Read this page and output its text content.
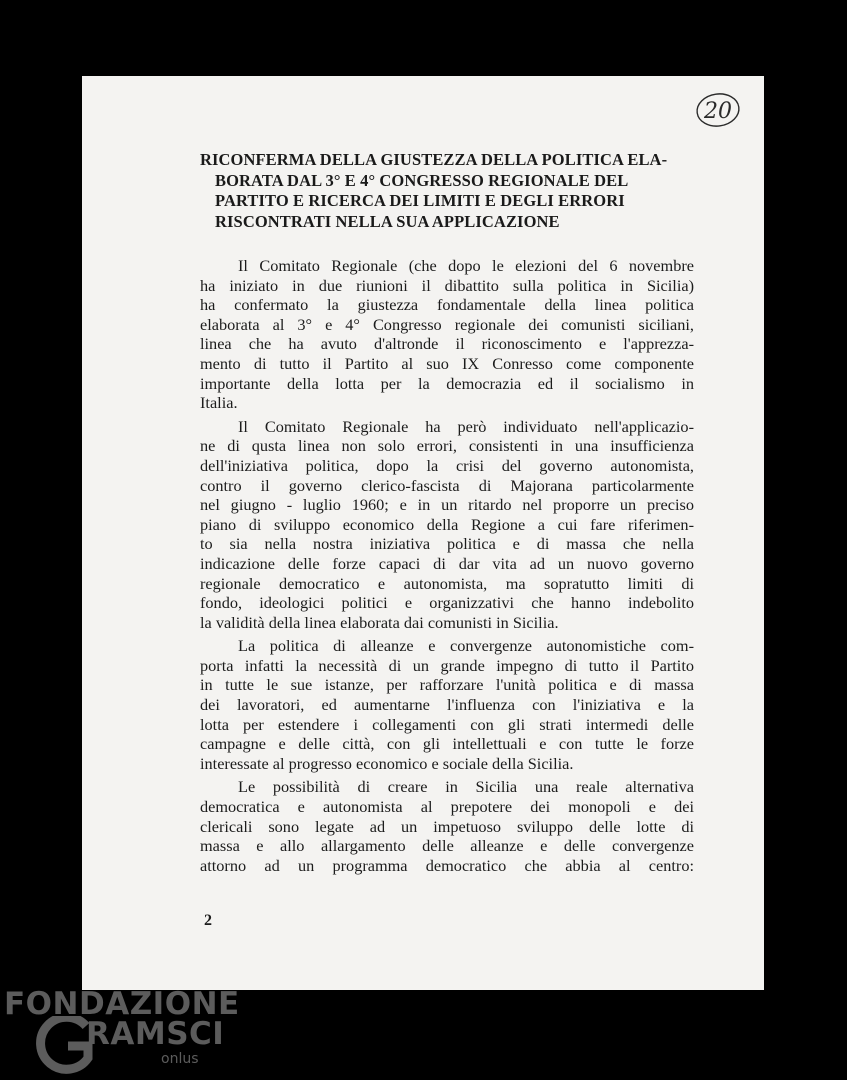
20
RICONFERMA DELLA GIUSTEZZA DELLA POLITICA ELA-
BORATA DAL 3° E 4° CONGRESSO REGIONALE DEL
PARTITO E RICERCA DEI LIMITI E DEGLI ERRORI
RISCONTRATI NELLA SUA APPLICAZIONE
Il Comitato Regionale (che dopo le elezioni del 6 novembre
ha iniziato in due riunioni il dibattito sulla politica in Sicilia)
ha confermato la giustezza fondamentale della linea politica
elaborata al 3° e 4° Congresso regionale dei comunisti siciliani,
linea che ha avuto d'altronde il riconoscimento e l'apprezza-
mento di tutto il Partito al suo IX Conresso come componente
importante della lotta per la democrazia ed il socialismo in
Italia.
Il Comitato Regionale ha però individuato nell'applicazio-
ne di qusta linea non solo errori, consistenti in una insufficienza
dell'iniziativa politica, dopo la crisi del governo autonomista,
contro il governo clerico-fascista di Majorana particolarmente
nel giugno - luglio 1960; e in un ritardo nel proporre un preciso
piano di sviluppo economico della Regione a cui fare riferimen-
to sia nella nostra iniziativa politica e di massa che nella
indicazione delle forze capaci di dar vita ad un nuovo governo
regionale democratico e autonomista, ma sopratutto limiti di
fondo, ideologici politici e organizzativi che hanno indebolito
la validità della linea elaborata dai comunisti in Sicilia.
La politica di alleanze e convergenze autonomistiche com-
porta infatti la necessità di un grande impegno di tutto il Partito
in tutte le sue istanze, per rafforzare l'unità politica e di massa
dei lavoratori, ed aumentarne l'influenza con l'iniziativa e la
lotta per estendere i collegamenti con gli strati intermedi delle
campagne e delle città, con gli intellettuali e con tutte le forze
interessate al progresso economico e sociale della Sicilia.
Le possibilità di creare in Sicilia una reale alternativa
democratica e autonomista al prepotere dei monopoli e dei
clericali sono legate ad un impetuoso sviluppo delle lotte di
massa e allo allargamento delle alleanze e delle convergenze
attorno ad un programma democratico che abbia al centro:
2
FONDAZIONE
RAMSCI
onlus
